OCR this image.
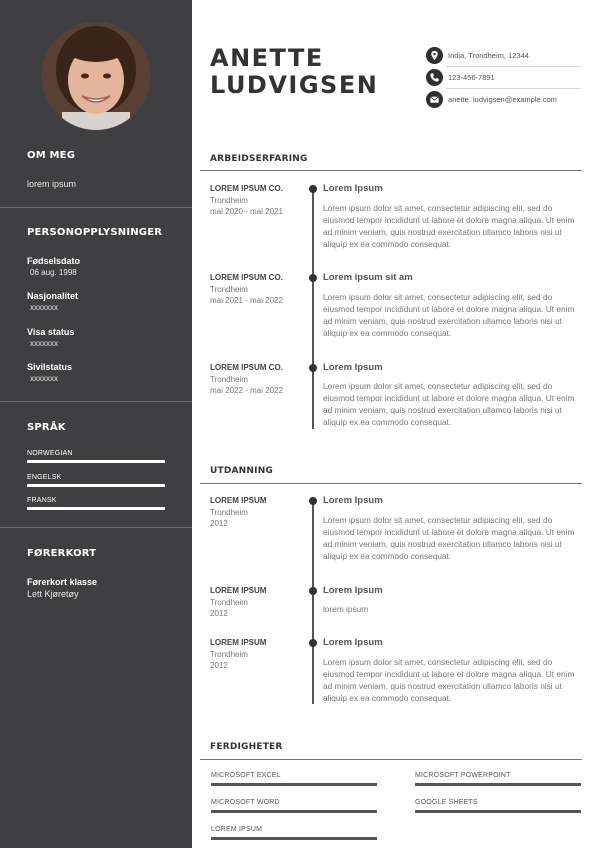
OM MEG
lorem ipsum
PERSONOPPLYSNINGER
Fødselsdato
06 aug. 1998
Nasjonalitet
xxxxxxx
Visa status
xxxxxxx
Sivilstatus
xxxxxxx
SPRÅK
NORWEGIAN
ENGELSK
FRANSK
FØRERKORT
Førerkort klasse
Lett Kjøretøy
ANETTE
LUDVIGSEN
India, Trondheim, 12344
123-456-7891
anette. ludvigsen@example.com
ARBEIDSERFARING
LOREM IPSUM CO.
Trondheim
mai 2020 - mai 2021
Lorem Ipsum
Lorem ipsum dolor sit amet, consectetur adipiscing elit, sed do eiusmod tempor incididunt ut labore et dolore magna aliqua. Ut enim ad minim veniam, quis nostrud exercitation ullamco laboris nisi ut aliquip ex ea commodo consequat.
LOREM IPSUM CO.
Trondheim
mai 2021 - mai 2022
Lorem ipsum sit am
Lorem ipsum dolor sit amet, consectetur adipiscing elit, sed do eiusmod tempor incididunt ut labore et dolore magna aliqua. Ut enim ad minim veniam, quis nostrud exercitation ullamco laboris nisi ut aliquip ex ea commodo consequat.
LOREM IPSUM CO.
Trondheim
mai 2022 - mai 2022
Lorem Ipsum
Lorem ipsum dolor sit amet, consectetur adipiscing elit, sed do eiusmod tempor incididunt ut labore et dolore magna aliqua. Ut enim ad minim veniam, quis nostrud exercitation ullamco laboris nisi ut aliquip ex ea commodo consequat.
UTDANNING
LOREM IPSUM
Trondheim
2012
Lorem Ipsum
Lorem ipsum dolor sit amet, consectetur adipiscing elit, sed do eiusmod tempor incididunt ut labore et dolore magna aliqua. Ut enim ad minim veniam, quis nostrud exercitation ullamco laboris nisi ut aliquip ex ea commodo consequat.
LOREM IPSUM
Trondheim
2012
Lorem Ipsum
lorem ipsum
LOREM IPSUM
Trondheim
2012
Lorem Ipsum
Lorem ipsum dolor sit amet, consectetur adipiscing elit, sed do eiusmod tempor incididunt ut labore et dolore magna aliqua. Ut enim ad minim veniam, quis nostrud exercitation ullamco laboris nisi ut aliquip ex ea commodo consequat.
FERDIGHETER
MICROSOFT EXCEL	MICROSOFT POWERPOINT
MICROSOFT WORD	GOOGLE SHEETS
LOREM IPSUM
